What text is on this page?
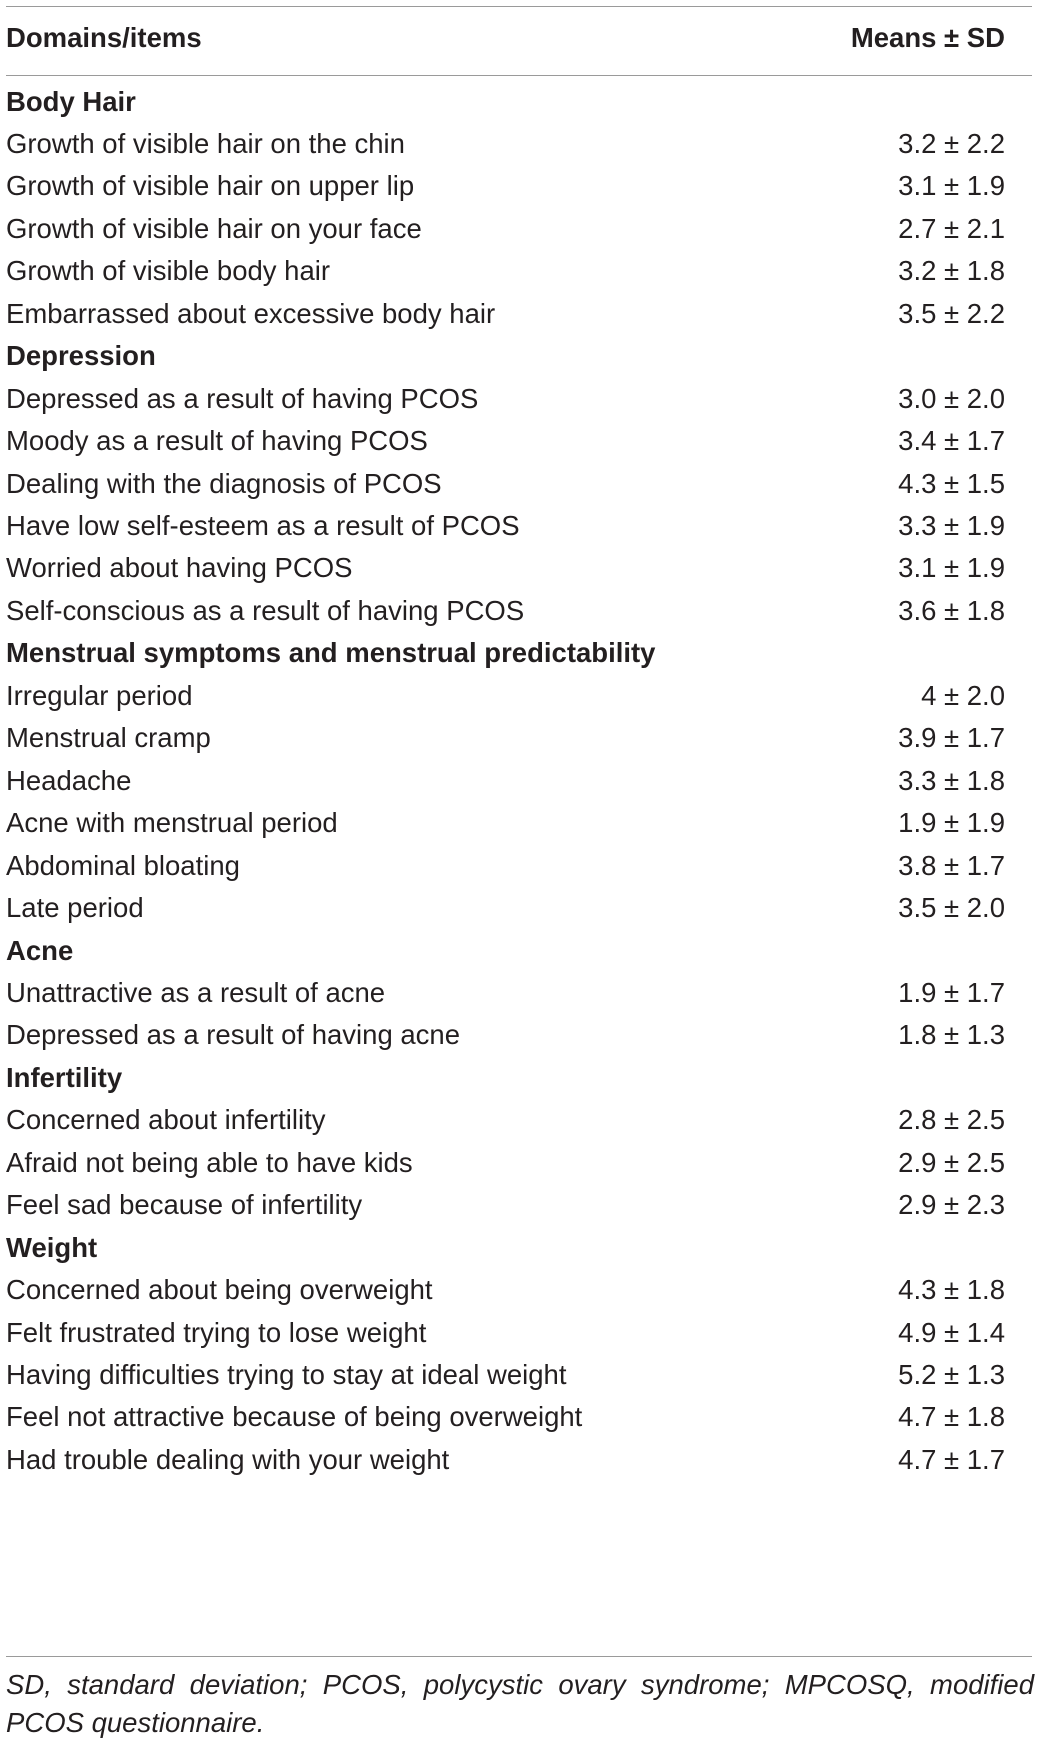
Domains/items	Means ± SD
Body Hair
Growth of visible hair on the chin	3.2 ± 2.2
Growth of visible hair on upper lip	3.1 ± 1.9
Growth of visible hair on your face	2.7 ± 2.1
Growth of visible body hair	3.2 ± 1.8
Embarrassed about excessive body hair	3.5 ± 2.2
Depression
Depressed as a result of having PCOS	3.0 ± 2.0
Moody as a result of having PCOS	3.4 ± 1.7
Dealing with the diagnosis of PCOS	4.3 ± 1.5
Have low self-esteem as a result of PCOS	3.3 ± 1.9
Worried about having PCOS	3.1 ± 1.9
Self-conscious as a result of having PCOS	3.6 ± 1.8
Menstrual symptoms and menstrual predictability
Irregular period	4 ± 2.0
Menstrual cramp	3.9 ± 1.7
Headache	3.3 ± 1.8
Acne with menstrual period	1.9 ± 1.9
Abdominal bloating	3.8 ± 1.7
Late period	3.5 ± 2.0
Acne
Unattractive as a result of acne	1.9 ± 1.7
Depressed as a result of having acne	1.8 ± 1.3
Infertility
Concerned about infertility	2.8 ± 2.5
Afraid not being able to have kids	2.9 ± 2.5
Feel sad because of infertility	2.9 ± 2.3
Weight
Concerned about being overweight	4.3 ± 1.8
Felt frustrated trying to lose weight	4.9 ± 1.4
Having difficulties trying to stay at ideal weight	5.2 ± 1.3
Feel not attractive because of being overweight	4.7 ± 1.8
Had trouble dealing with your weight	4.7 ± 1.7
SD, standard deviation; PCOS, polycystic ovary syndrome; MPCOSQ, modified PCOS questionnaire.
